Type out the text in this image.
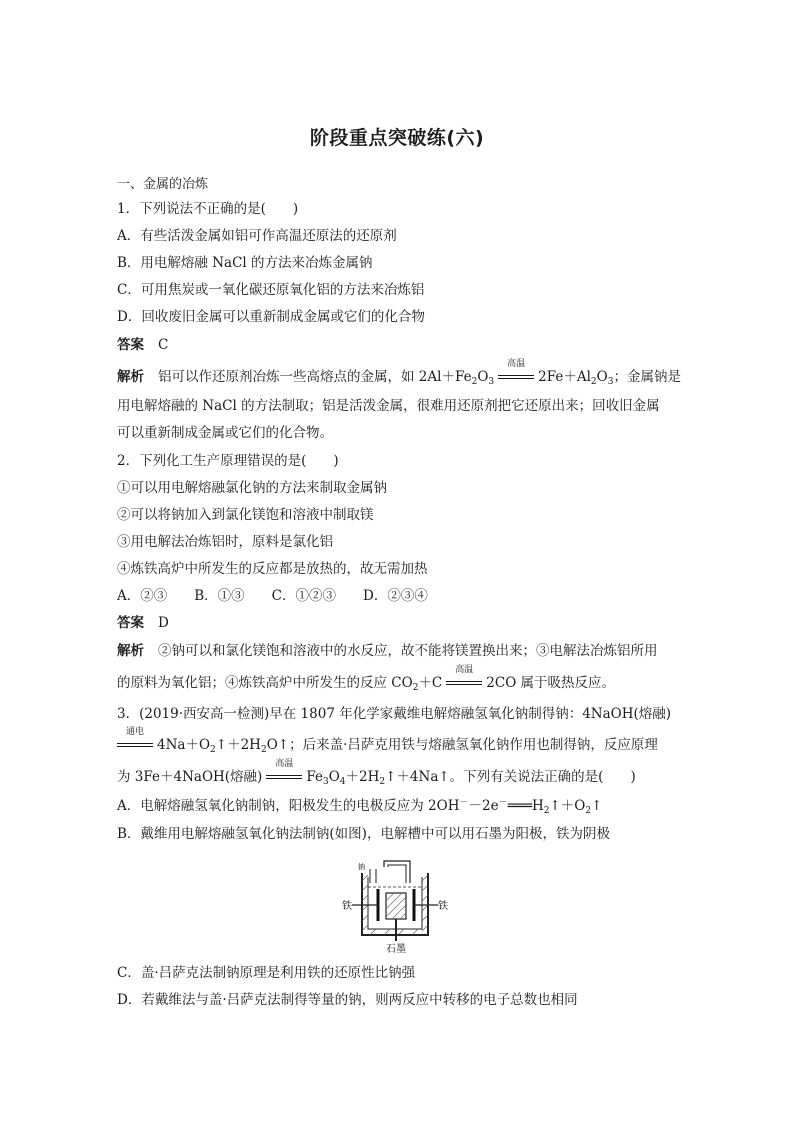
阶段重点突破练(六)
一、金属的冶炼
1．下列说法不正确的是(　　)
A．有些活泼金属如铝可作高温还原法的还原剂
B．用电解熔融 NaCl 的方法来冶炼金属钠
C．可用焦炭或一氧化碳还原氧化铝的方法来冶炼铝
D．回收废旧金属可以重新制成金属或它们的化合物
答案 C
解析 铝可以作还原剂冶炼一些高熔点的金属，如 $2Al+Fe_2O_3$
高温
$2Fe+Al_2O_3$；金属钠是
用电解熔融的 NaCl 的方法制取；铝是活泼金属，很难用还原剂把它还原出来；回收旧金属
可以重新制成金属或它们的化合物。
2．下列化工生产原理错误的是(　　)
①可以用电解熔融氯化钠的方法来制取金属钠
②可以将钠加入到氯化镁饱和溶液中制取镁
③用电解法冶炼铝时，原料是氯化铝
④炼铁高炉中所发生的反应都是放热的，故无需加热
A．②③　　B．①③　　C．①②③　　D．②③④
答案 D
解析 ②钠可以和氯化镁饱和溶液中的水反应，故不能将镁置换出来；③电解法冶炼铝所用
的原料为氧化铝；④炼铁高炉中所发生的反应 $CO_2+C$
高温
2CO 属于吸热反应。
3．(2019·西安高一检测)早在 1807 年化学家戴维电解熔融氢氧化钠制得钠：4NaOH(熔融)
通电
$4Na+O_2↑+2H_2O↑$；后来盖·吕萨克用铁与熔融氢氧化钠作用也制得钠，反应原理
为 3Fe＋4NaOH(熔融)
高温
$Fe_3O_4+2H_2↑+4Na↑$。下列有关说法正确的是(　　)
A．电解熔融氢氧化钠制钠，阳极发生的电极反应为 $2OH^--2e^-═══H_2↑+O_2↑$
B．戴维用电解熔融氢氧化钠法制钠(如图)，电解槽中可以用石墨为阳极，铁为阴极
铁	铁
石墨
钠
C．盖·吕萨克法制钠原理是利用铁的还原性比钠强
D．若戴维法与盖·吕萨克法制得等量的钠，则两反应中转移的电子总数也相同
